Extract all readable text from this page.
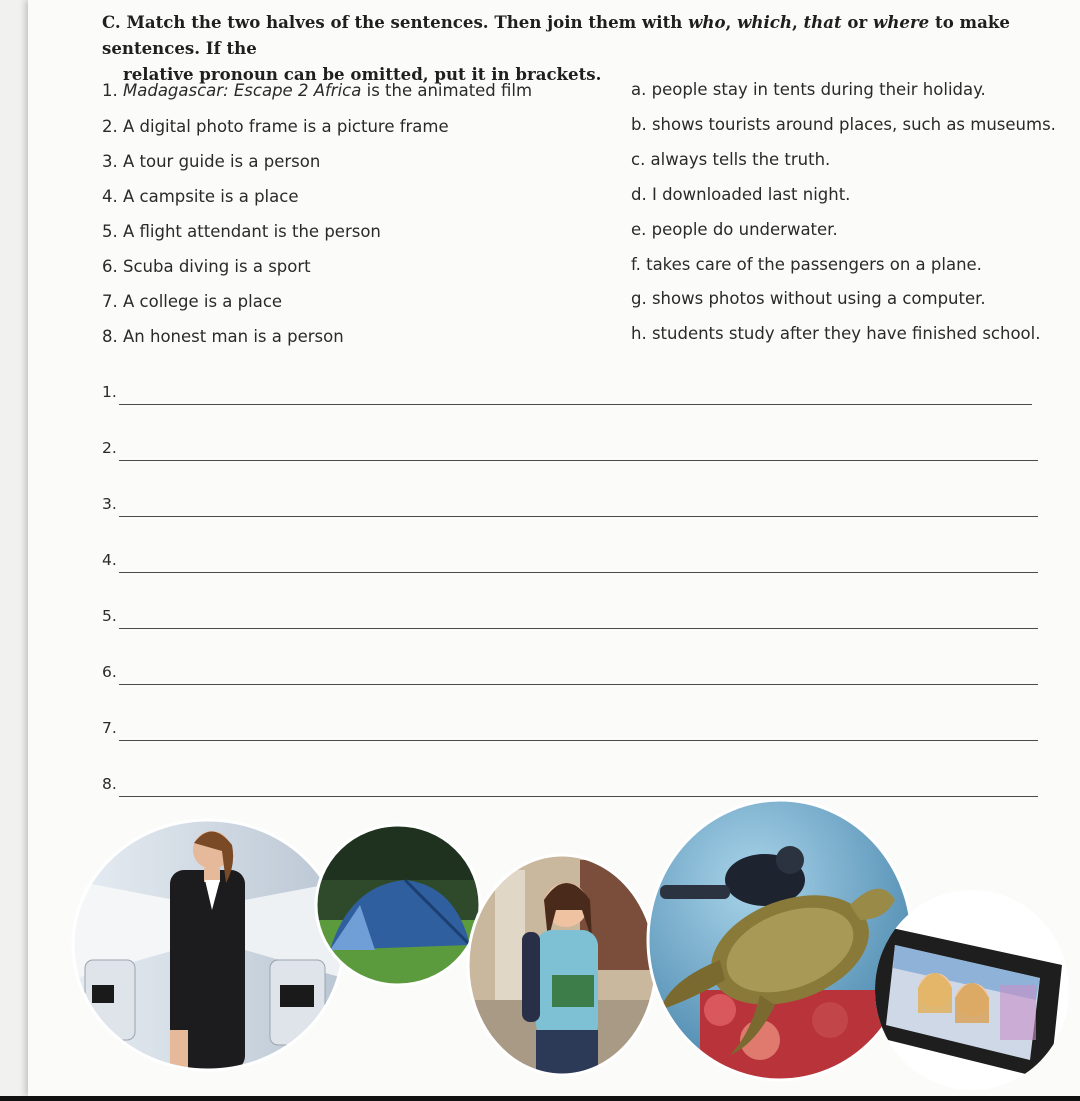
C. Match the two halves of the sentences. Then join them with who, which, that or where to make sentences. If the
relative pronoun can be omitted, put it in brackets.
1. Madagascar: Escape 2 Africa is the animated film
2. A digital photo frame is a picture frame
3. A tour guide is a person
4. A campsite is a place
5. A flight attendant is the person
6. Scuba diving is a sport
7. A college is a place
8. An honest man is a person
a. people stay in tents during their holiday.
b. shows tourists around places, such as museums.
c. always tells the truth.
d. I downloaded last night.
e. people do underwater.
f. takes care of the passengers on a plane.
g. shows photos without using a computer.
h. students study after they have finished school.
1.
2.
3.
4.
5.
6.
7.
8.
